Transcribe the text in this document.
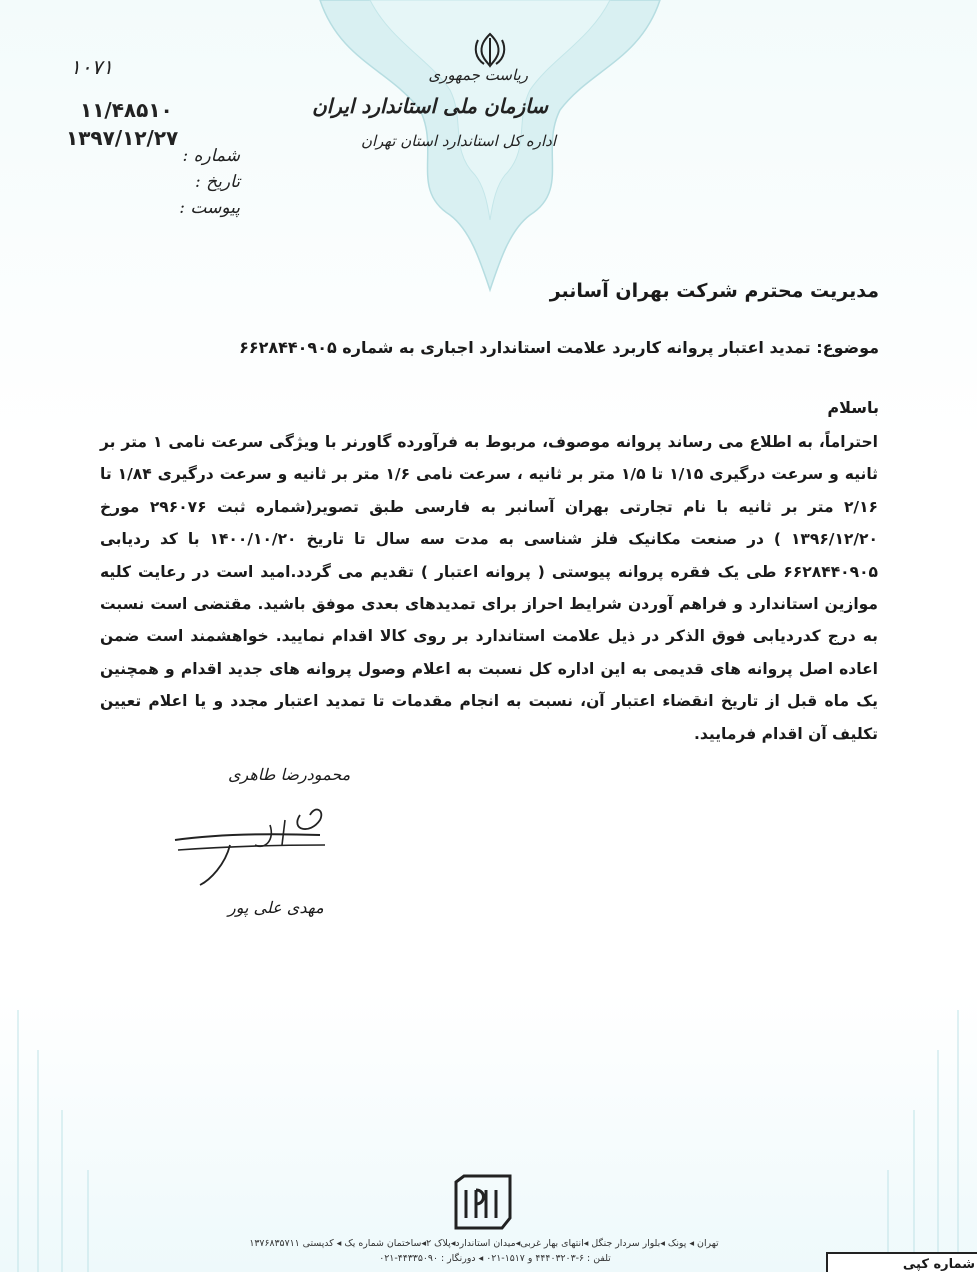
ریاست جمهوری
سازمان ملی استاندارد ایران
اداره کل استاندارد استان تهران
۱۰۷۱
۱۱/۴۸۵۱۰
۱۳۹۷/۱۲/۲۷
شماره :
تاریخ :
پیوست :
مدیریت محترم شرکت بهران آسانبر
موضوع: تمدید اعتبار پروانه کاربرد علامت استاندارد اجباری به شماره ۶۶۲۸۴۴۰۹۰۵
باسلام
احتراماً، به اطلاع می رساند پروانه موصوف، مربوط به فرآورده گاورنر با ویژگی سرعت نامی ۱ متر بر ثانیه و سرعت درگیری ۱/۱۵ تا ۱/۵ متر بر ثانیه ، سرعت نامی ۱/۶ متر بر ثانیه و سرعت درگیری ۱/۸۴ تا ۲/۱۶ متر بر ثانیه با نام تجارتی بهران آسانبر به فارسی طبق تصویر(شماره ثبت ۲۹۶۰۷۶ مورخ ۱۳۹۶/۱۲/۲۰ ) در صنعت مکانیک فلز شناسی به مدت سه سال تا تاریخ ۱۴۰۰/۱۰/۲۰ با کد ردیابی ۶۶۲۸۴۴۰۹۰۵ طی یک فقره پروانه پیوستی ( پروانه اعتبار ) تقدیم می گردد.امید است در رعایت کلیه موازین استاندارد و فراهم آوردن شرایط احراز برای تمدیدهای بعدی موفق باشید. مقتضی است نسبت به درج کدردیابی فوق الذکر در ذیل علامت استاندارد بر روی کالا اقدام نمایید. خواهشمند است ضمن اعاده اصل پروانه های قدیمی به این اداره کل نسبت به اعلام وصول پروانه های جدید اقدام و همچنین یک ماه قبل از تاریخ انقضاء اعتبار آن، نسبت به انجام مقدمات تا تمدید اعتبار مجدد و یا اعلام تعیین تکلیف آن اقدام فرمایید.
محمودرضا طاهری
مهدی علی پور
تهران ◂ پونک ◂بلوار سردار جنگل ◂انتهای بهار غربی◂میدان استاندارد◂پلاک ۲◂ساختمان شماره یک ◂ کدپستی ۱۳۷۶۸۳۵۷۱۱
تلفن : ۶-۴۴۴۰۳۲۰۳ و ۱۵۱۷-۰۲۱ ◂ دورنگار : ۴۴۳۳۵۰۹۰-۰۲۱	شماره کپی
